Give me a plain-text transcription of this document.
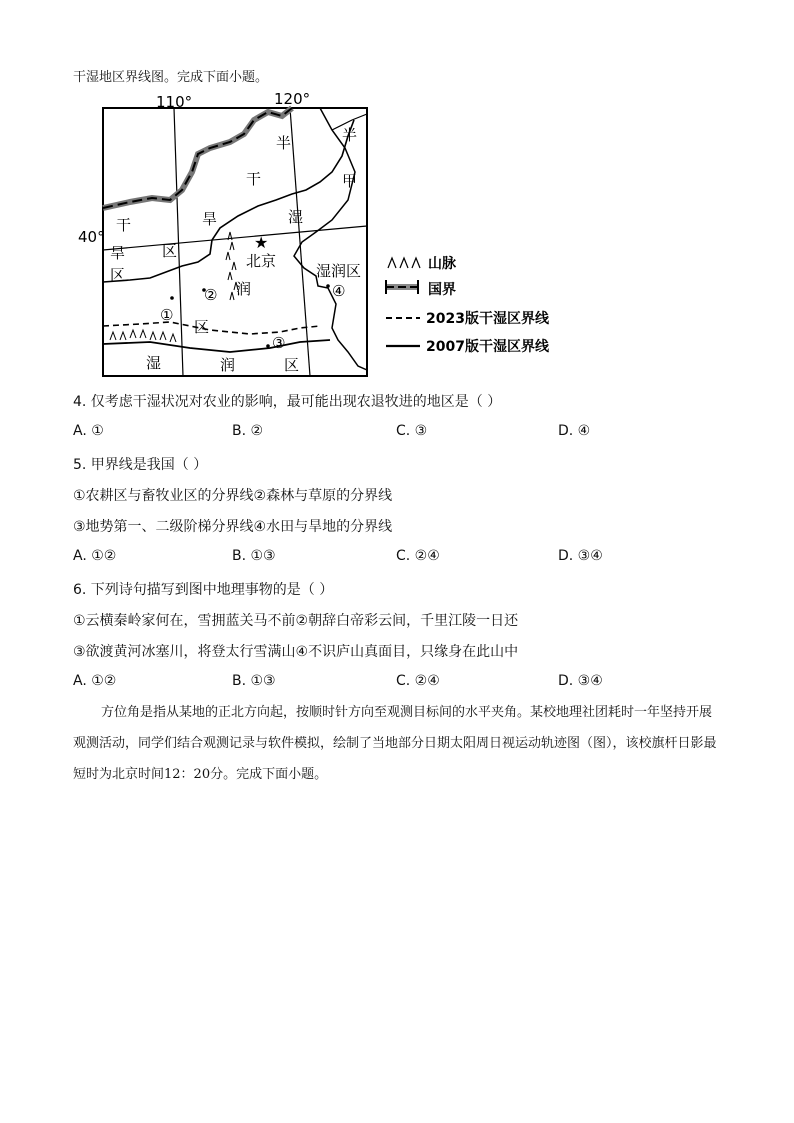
干湿地区界线图。完成下面小题。
110°	120°
40°	★
半	半
干	甲
旱	湿
干
旱 区
区
润
区
湿	润	区
北京
湿润区
①
②
③
④
山脉
国界
2023版干湿区界线
2007版干湿区界线
4. 仅考虑干湿状况对农业的影响，最可能出现农退牧进的地区是（ ）
A. ①	B. ②	C. ③	D. ④
5. 甲界线是我国（ ）
①农耕区与畜牧业区的分界线②森林与草原的分界线
③地势第一、二级阶梯分界线④水田与旱地的分界线
A. ①②	B. ①③	C. ②④	D. ③④
6. 下列诗句描写到图中地理事物的是（ ）
①云横秦岭家何在，雪拥蓝关马不前②朝辞白帝彩云间，千里江陵一日还
③欲渡黄河冰塞川，将登太行雪满山④不识庐山真面目，只缘身在此山中
A. ①②	B. ①③	C. ②④	D. ③④
方位角是指从某地的正北方向起，按顺时针方向至观测目标间的水平夹角。某校地理社团耗时一年坚持开展观测活动，同学们结合观测记录与软件模拟，绘制了当地部分日期太阳周日视运动轨迹图（图），该校旗杆日影最短时为北京时间12：20分。完成下面小题。
